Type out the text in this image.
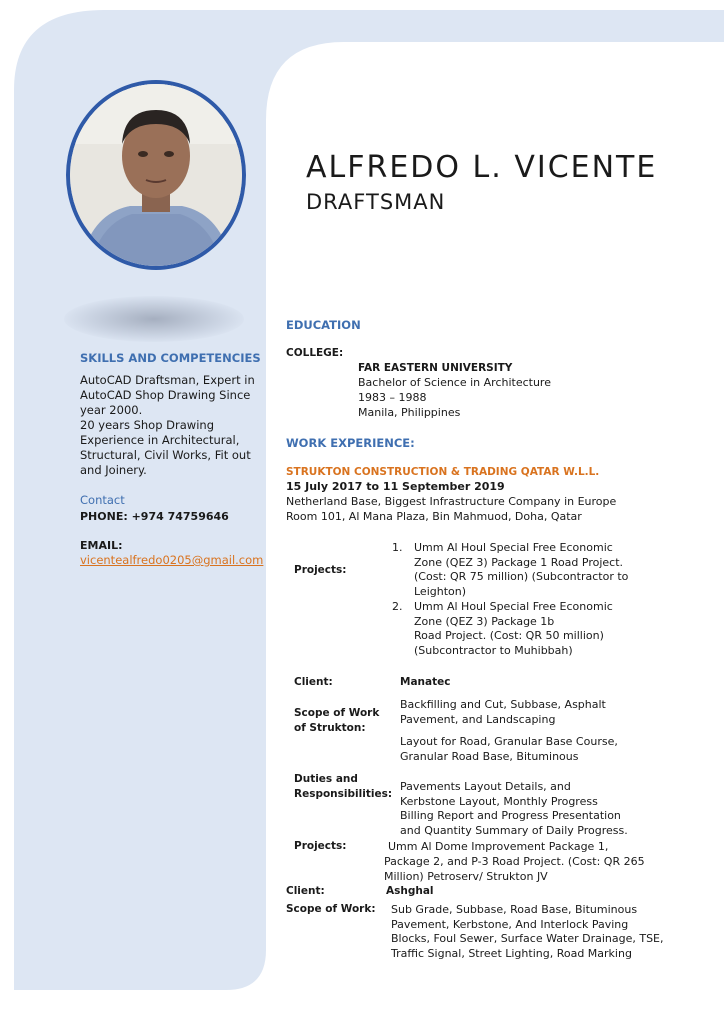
ALFREDO L. VICENTE
DRAFTSMAN
SKILLS AND COMPETENCIES
AutoCAD Draftsman, Expert in
AutoCAD Shop Drawing Since
year 2000.
20 years Shop Drawing
Experience in Architectural,
Structural, Civil Works, Fit out
and Joinery.
Contact
PHONE: +974 74759646
EMAIL:
vicentealfredo0205@gmail.com
EDUCATION
COLLEGE:
FAR EASTERN UNIVERSITY
Bachelor of Science in Architecture
1983 – 1988
Manila, Philippines
WORK EXPERIENCE:
STRUKTON CONSTRUCTION & TRADING QATAR W.L.L.
15 July 2017 to 11 September 2019
Netherland Base, Biggest Infrastructure Company in Europe
Room 101, Al Mana Plaza, Bin Mahmuod, Doha, Qatar
Projects:
1. Umm Al Houl Special Free Economic
Zone (QEZ 3) Package 1 Road Project.
(Cost: QR 75 million) (Subcontractor to
Leighton)
2. Umm Al Houl Special Free Economic
Zone (QEZ 3) Package 1b
Road Project. (Cost: QR 50 million)
(Subcontractor to Muhibbah)
Client:	Manatec
Scope of Work
of Strukton:
Backfilling and Cut, Subbase, Asphalt
Pavement, and Landscaping
Layout for Road, Granular Base Course,
Granular Road Base, Bituminous
Duties and
Responsibilities:
Pavements Layout Details, and
Kerbstone Layout, Monthly Progress
Billing Report and Progress Presentation
and Quantity Summary of Daily Progress.
Projects:	Umm Al Dome Improvement Package 1,
Package 2, and P-3 Road Project. (Cost: QR 265
Million) Petroserv/ Strukton JV
Client:	Ashghal
Scope of Work: Sub Grade, Subbase, Road Base, Bituminous
Pavement, Kerbstone, And Interlock Paving
Blocks, Foul Sewer, Surface Water Drainage, TSE,
Traffic Signal, Street Lighting, Road Marking
